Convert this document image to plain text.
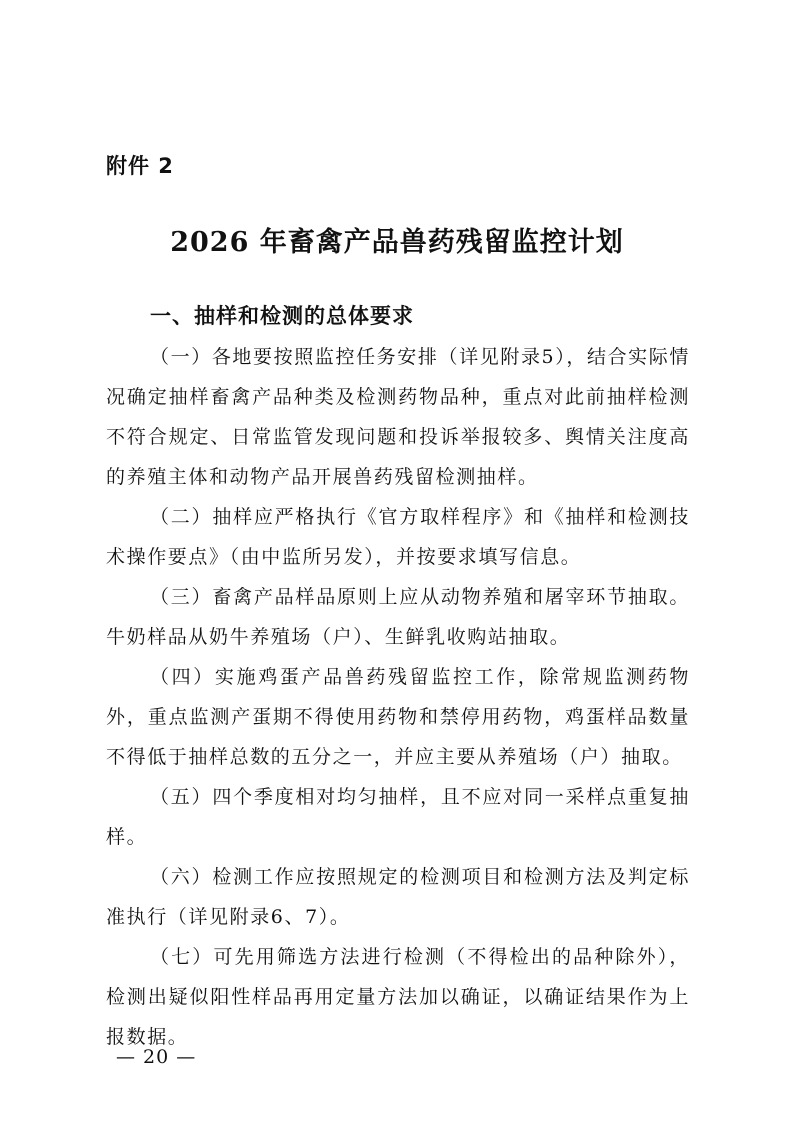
附件 2
2026 年畜禽产品兽药残留监控计划
一、抽样和检测的总体要求

（一）各地要按照监控任务安排（详见附录5），结合实际情况确定抽样畜禽产品种类及检测药物品种，重点对此前抽样检测不符合规定、日常监管发现问题和投诉举报较多、舆情关注度高的养殖主体和动物产品开展兽药残留检测抽样。

（二）抽样应严格执行《官方取样程序》和《抽样和检测技术操作要点》（由中监所另发），并按要求填写信息。

（三）畜禽产品样品原则上应从动物养殖和屠宰环节抽取。牛奶样品从奶牛养殖场（户）、生鲜乳收购站抽取。

（四）实施鸡蛋产品兽药残留监控工作，除常规监测药物外，重点监测产蛋期不得使用药物和禁停用药物，鸡蛋样品数量不得低于抽样总数的五分之一，并应主要从养殖场（户）抽取。

（五）四个季度相对均匀抽样，且不应对同一采样点重复抽样。

（六）检测工作应按照规定的检测项目和检测方法及判定标准执行（详见附录6、7）。

（七）可先用筛选方法进行检测（不得检出的品种除外），检测出疑似阳性样品再用定量方法加以确证，以确证结果作为上报数据。

— 20 —
